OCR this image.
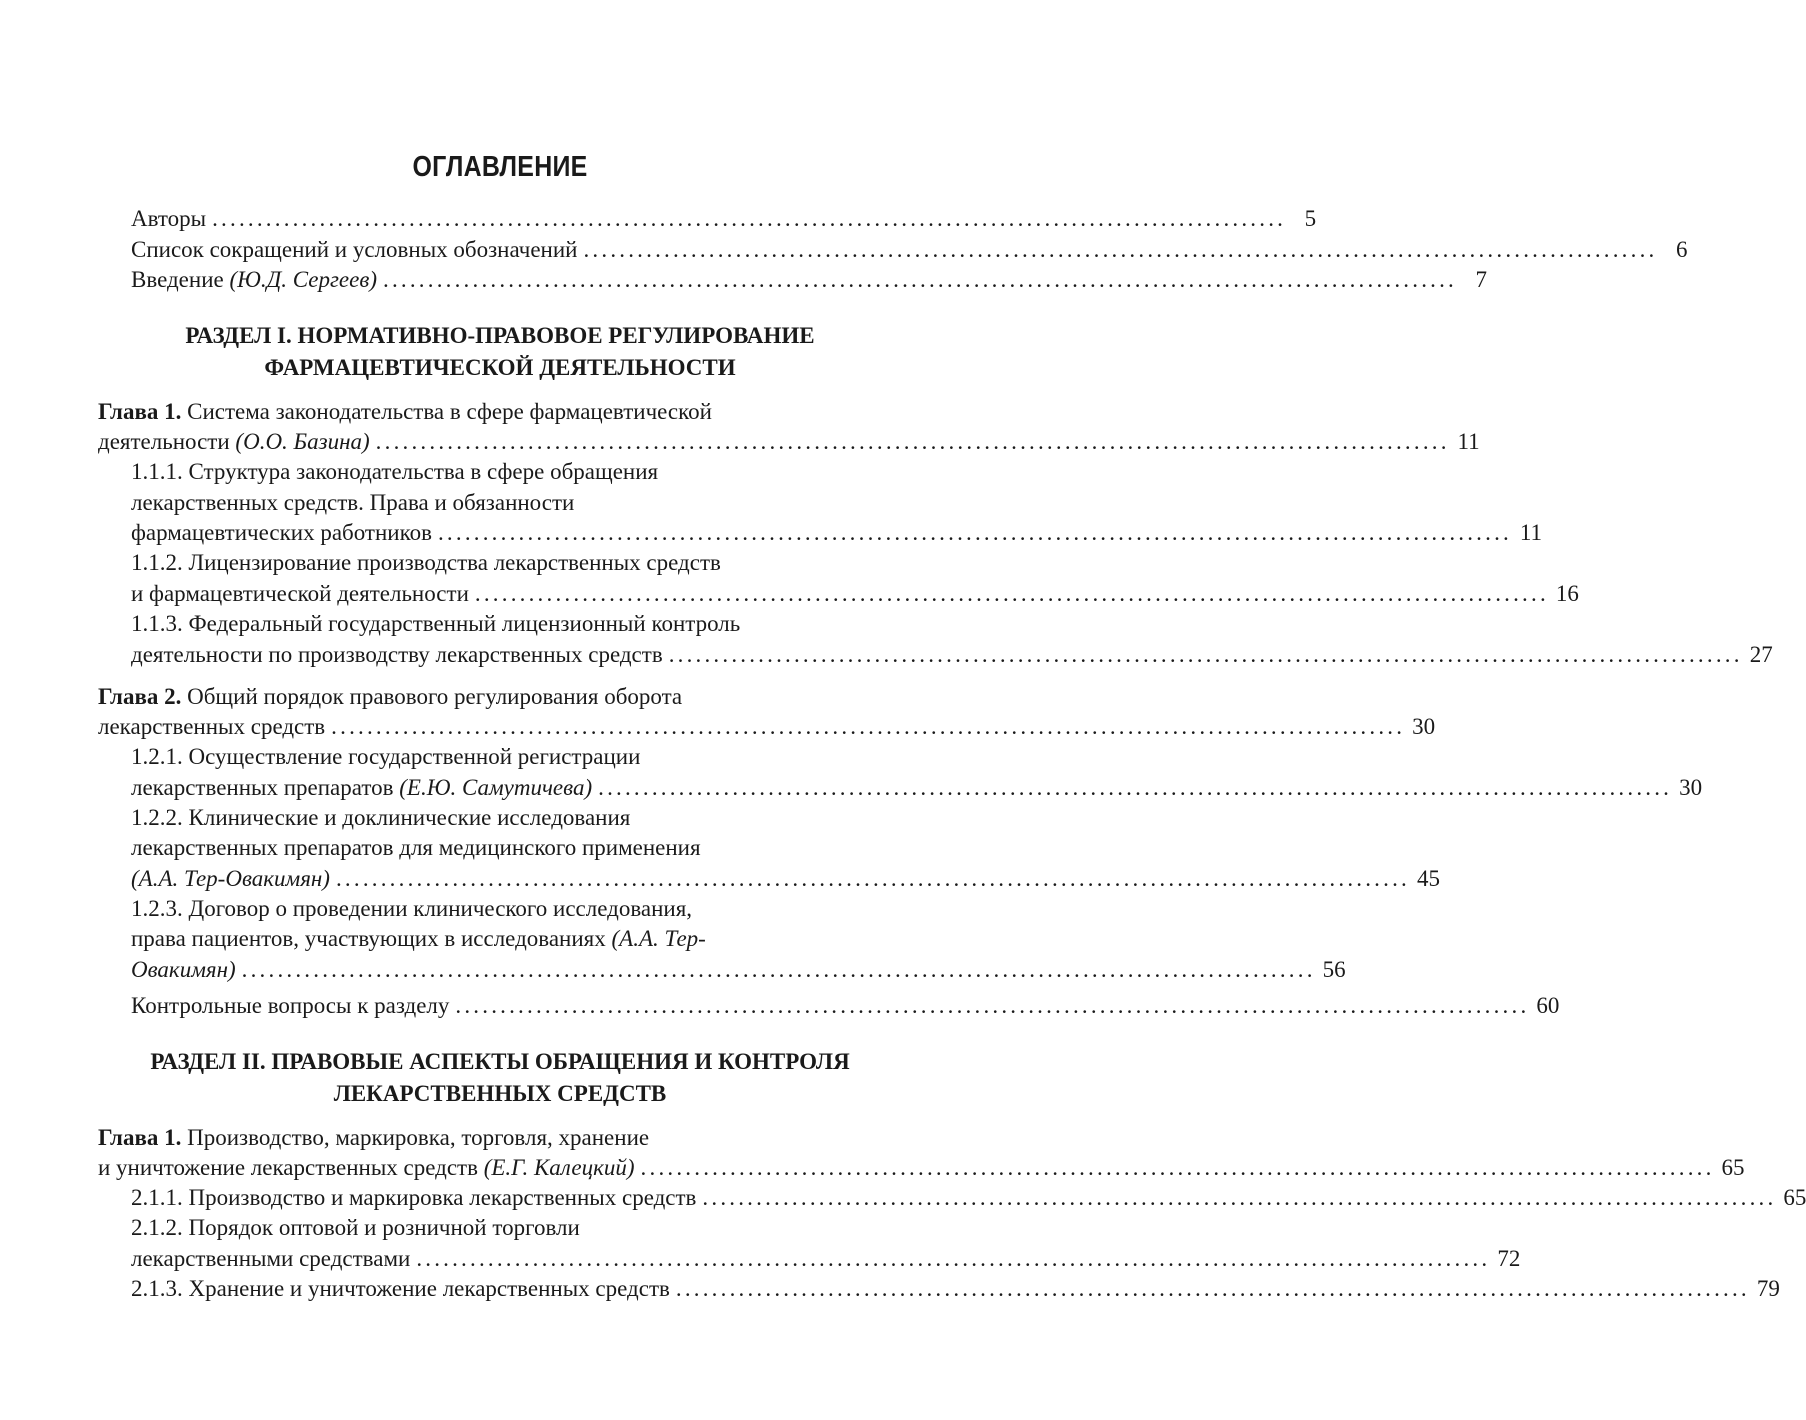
ОГЛАВЛЕНИЕ
Авторы ........................................................................................................................ 5
Список сокращений и условных обозначений ........................................................................................................................ 6
Введение (Ю.Д. Сергеев) ........................................................................................................................ 7
РАЗДЕЛ I. НОРМАТИВНО-ПРАВОВОЕ РЕГУЛИРОВАНИЕ
ФАРМАЦЕВТИЧЕСКОЙ ДЕЯТЕЛЬНОСТИ
Глава 1. Система законодательства в сфере фармацевтической
деятельности (О.О. Базина) ........................................................................................................................ 11
1.1.1. Структура законодательства в сфере обращения
лекарственных средств. Права и обязанности
фармацевтических работников ........................................................................................................................ 11
1.1.2. Лицензирование производства лекарственных средств
и фармацевтической деятельности ........................................................................................................................ 16
1.1.3. Федеральный государственный лицензионный контроль
деятельности по производству лекарственных средств ........................................................................................................................ 27
Глава 2. Общий порядок правового регулирования оборота
лекарственных средств ........................................................................................................................ 30
1.2.1. Осуществление государственной регистрации
лекарственных препаратов (Е.Ю. Самутичева) ........................................................................................................................ 30
1.2.2. Клинические и доклинические исследования
лекарственных препаратов для медицинского применения
(А.А. Тер-Овакимян) ........................................................................................................................ 45
1.2.3. Договор о проведении клинического исследования,
права пациентов, участвующих в исследованиях (А.А. Тер-
Овакимян) ........................................................................................................................ 56
Контрольные вопросы к разделу ........................................................................................................................ 60
РАЗДЕЛ II. ПРАВОВЫЕ АСПЕКТЫ ОБРАЩЕНИЯ И КОНТРОЛЯ
ЛЕКАРСТВЕННЫХ СРЕДСТВ
Глава 1. Производство, маркировка, торговля, хранение
и уничтожение лекарственных средств (Е.Г. Калецкий) ........................................................................................................................ 65
2.1.1. Производство и маркировка лекарственных средств ........................................................................................................................ 65
2.1.2. Порядок оптовой и розничной торговли
лекарственными средствами ........................................................................................................................ 72
2.1.3. Хранение и уничтожение лекарственных средств ........................................................................................................................ 79
